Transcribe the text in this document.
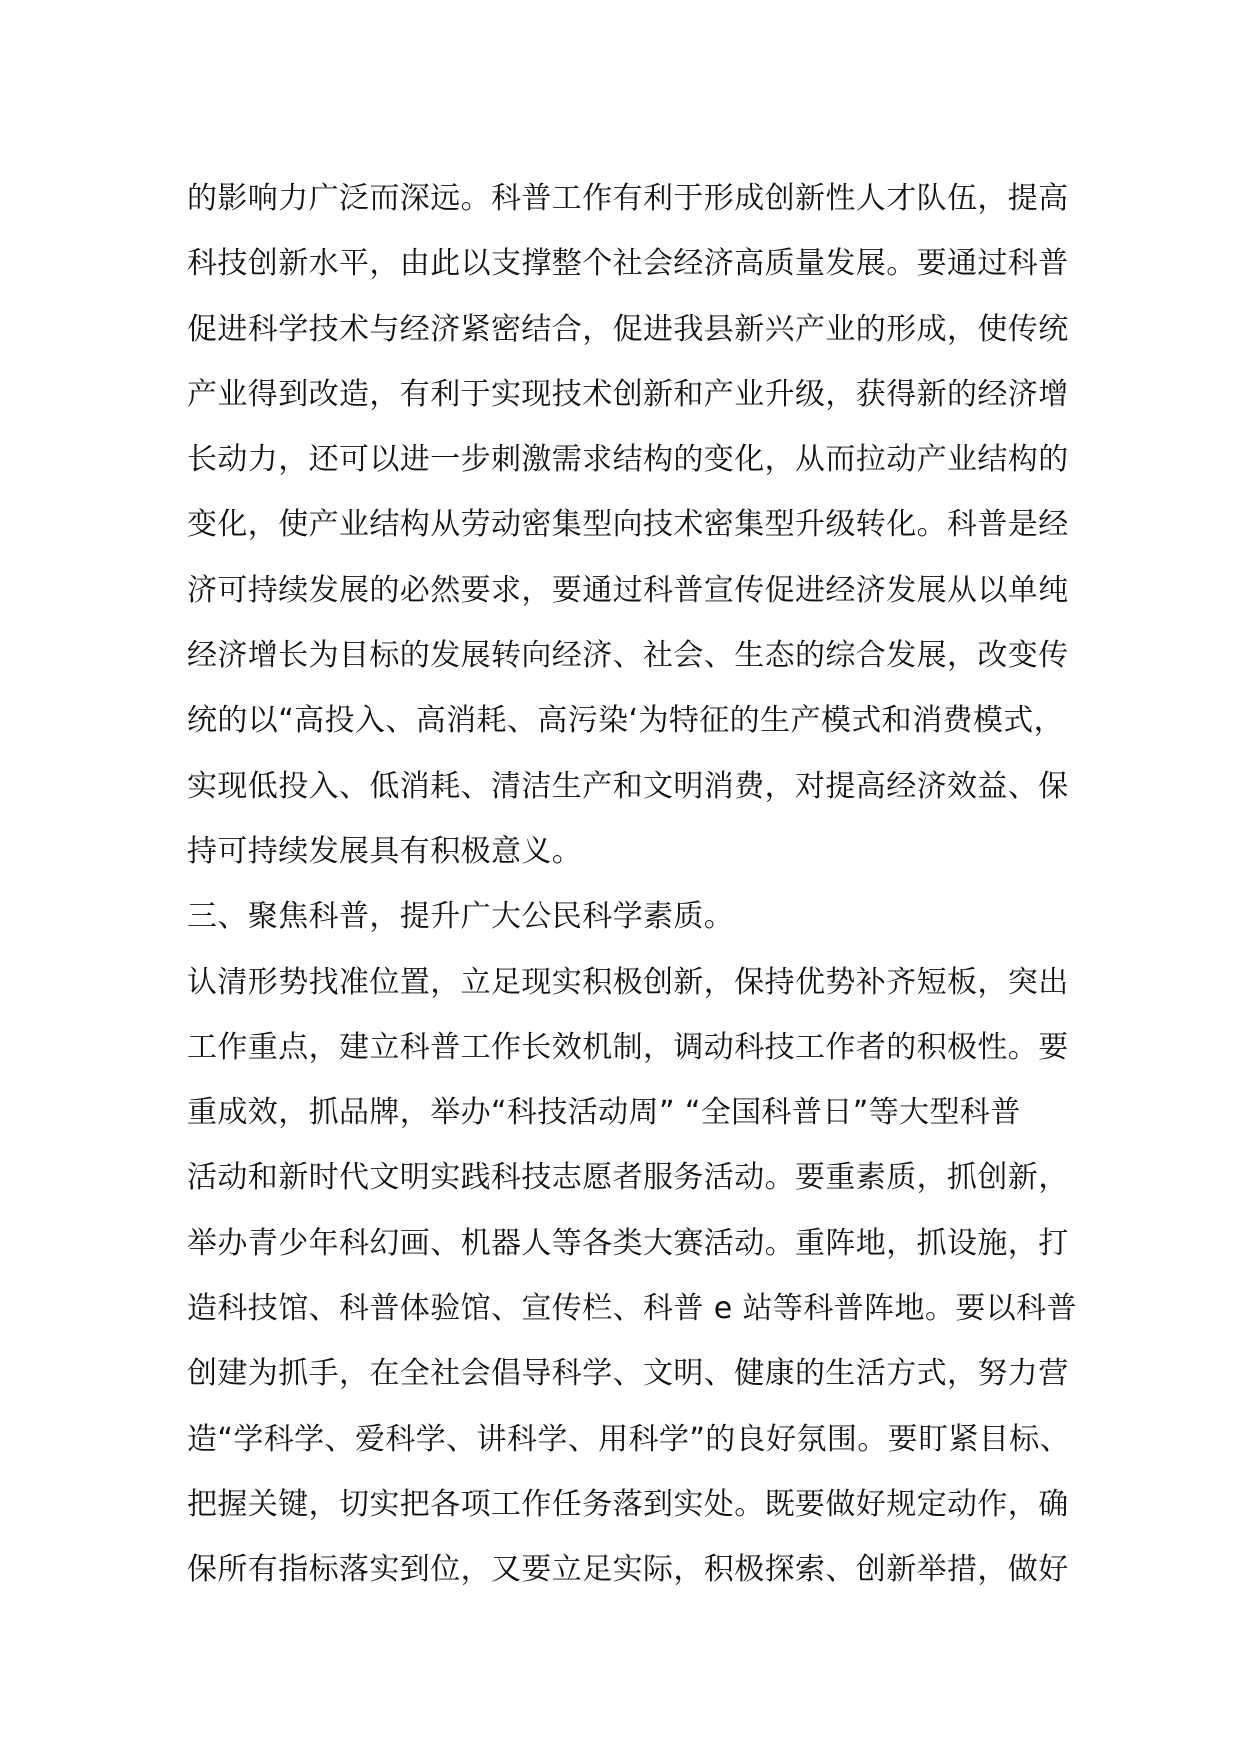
的影响力广泛而深远。科普工作有利于形成创新性人才队伍，提高
科技创新水平，由此以支撑整个社会经济高质量发展。要通过科普
促进科学技术与经济紧密结合，促进我县新兴产业的形成，使传统
产业得到改造，有利于实现技术创新和产业升级，获得新的经济增
长动力，还可以进一步刺激需求结构的变化，从而拉动产业结构的
变化，使产业结构从劳动密集型向技术密集型升级转化。科普是经
济可持续发展的必然要求，要通过科普宣传促进经济发展从以单纯
经济增长为目标的发展转向经济、社会、生态的综合发展，改变传
统的以“高投入、高消耗、高污染‘为特征的生产模式和消费模式，
实现低投入、低消耗、清洁生产和文明消费，对提高经济效益、保
持可持续发展具有积极意义。
三、聚焦科普，提升广大公民科学素质。
认清形势找准位置，立足现实积极创新，保持优势补齐短板，突出
工作重点，建立科普工作长效机制，调动科技工作者的积极性。要
重成效，抓品牌，举办“科技活动周” “全国科普日”等大型科普
活动和新时代文明实践科技志愿者服务活动。要重素质，抓创新，
举办青少年科幻画、机器人等各类大赛活动。重阵地，抓设施，打
造科技馆、科普体验馆、宣传栏、科普 e 站等科普阵地。要以科普
创建为抓手，在全社会倡导科学、文明、健康的生活方式，努力营
造“学科学、爱科学、讲科学、用科学”的良好氛围。要盯紧目标、
把握关键，切实把各项工作任务落到实处。既要做好规定动作，确
保所有指标落实到位，又要立足实际，积极探索、创新举措，做好
